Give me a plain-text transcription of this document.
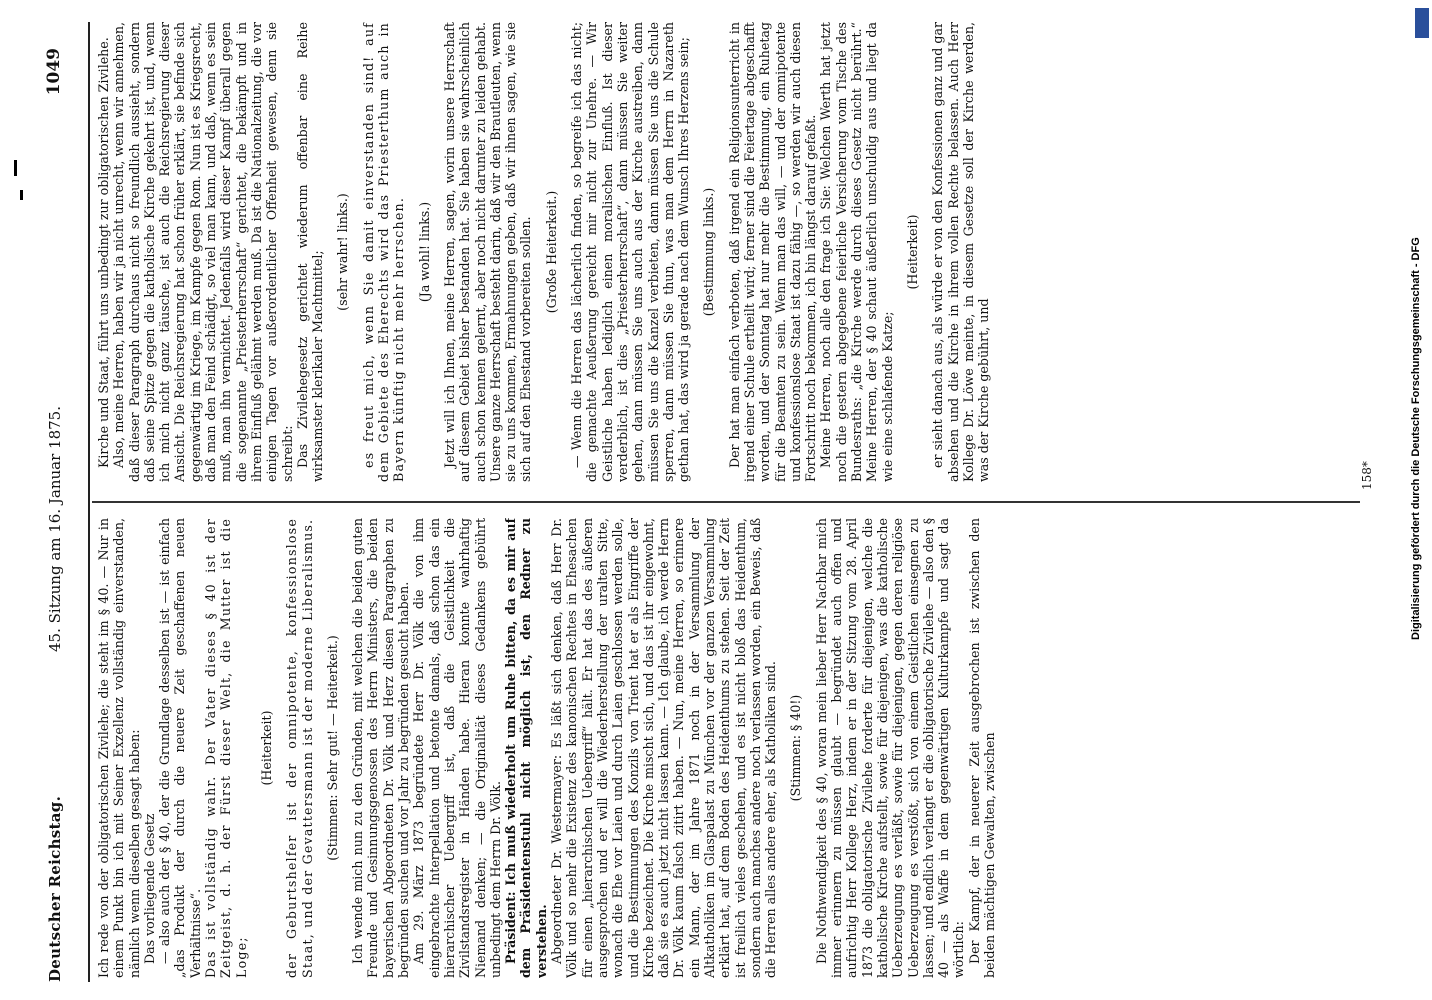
Deutscher Reichstag.
45. Sitzung am 16. Januar 1875.
1049

Ich rede von der obligatorischen Zivilehe; die steht im § 40. — Nur in einem Punkt bin ich mit Seiner Exzellenz vollständig einverstanden, nämlich wenn dieselben gesagt haben: Das vorliegende Gesetz — also auch der § 40, der die Grundlage desselben ist — ist einfach „das Produkt der durch die neuere Zeit geschaffenen neuen Verhältnisse“. Das ist vollständig wahr. Der Vater dieses § 40 ist der Zeitgeist, d. h. der Fürst dieser Welt, die Mutter ist die Loge;

(Heiterkeit) der Geburtshelfer ist der omnipotente, konfessionslose Staat, und der Gevattersmann ist der moderne Liberalismus. (Stimmen: Sehr gut! — Heiterkeit.) Ich wende mich nun zu den Gründen, mit welchen die beiden guten Freunde und Gesinnungsgenossen des Herrn Ministers, die beiden bayerischen Abgeordneten Dr. Völk und Herz diesen Paragraphen zu begründen suchen und vor Jahr zu begründen gesucht haben. Am 29. März 1873 begründete Herr Dr. Völk die von ihm eingebrachte Interpellation und betonte damals, daß schon das ein hierarchischer Uebergriff ist, daß die Geistlichkeit die Zivilstandsregister in Händen habe. Hieran konnte wahrhaftig Niemand denken; — die Originalität dieses Gedankens gebührt unbedingt dem Herrn Dr. Völk. Präsident: Ich muß wiederholt um Ruhe bitten, da es mir auf dem Präsidentenstuhl nicht möglich ist, den Redner zu verstehen. Abgeordneter Dr. Westermayer: Es läßt sich denken, daß Herr Dr. Völk und so mehr die Existenz des kanonischen Rechtes in Ehesachen für einen „hierarchischen Uebergriff“ hält. Er hat das des äußeren ausgesprochen und er will die Wiederherstellung der uralten Sitte, wonach die Ehe vor Laien und durch Laien geschlossen werden solle, und die Bestimmungen des Konzils von Trient hat er als Eingriffe der Kirche bezeichnet. Die Kirche mischt sich, und das ist ihr eingewohnt, daß sie es auch jetzt nicht lassen kann. — Ich glaube, ich werde Herrn Dr. Völk kaum falsch zitirt haben. — Nun, meine Herren, so erinnere ein Mann, der im Jahre 1871 noch in der Versammlung der Altkatholiken im Glaspalast zu München vor der ganzen Versammlung erklärt hat, auf dem Boden des Heidenthums zu stehen. Seit der Zeit ist freilich vieles geschehen, und es ist nicht bloß das Heidenthum, sondern auch manches andere noch verlassen worden, ein Beweis, daß die Herren alles andere eher, als Katholiken sind. (Stimmen: § 40!) Die Nothwendigkeit des § 40, woran mein lieber Herr Nachbar mich immer erinnern zu müssen glaubt — begründet auch offen und aufrichtig Herr Kollege Herz, indem er in der Sitzung vom 28. April 1873 die obligatorische Zivilehe forderte für diejenigen, welche die katholische Kirche aufstellt, sowie für diejenigen, was die katholische Ueberzeugung es verläßt, sowie für diejenigen, gegen deren religiöse Ueberzeugung es verstößt, sich von einem Geistlichen einsegnen zu lassen; und endlich verlangt er die obligatorische Zivilehe — also den § 40 — als Waffe in dem gegenwärtigen Kulturkampfe und sagt da wörtlich: Der Kampf, der in neuerer Zeit ausgebrochen ist zwischen den beiden mächtigen Gewalten, zwischen

Kirche und Staat, führt uns unbedingt zur obligatorischen Zivilehe. Also, meine Herren, haben wir ja nicht unrecht, wenn wir annehmen, daß dieser Paragraph durchaus nicht so freundlich aussieht, sondern daß seine Spitze gegen die katholische Kirche gekehrt ist, und, wenn ich mich nicht ganz täusche, ist auch die Reichsregierung dieser Ansicht. Die Reichsregierung hat schon früher erklärt, sie befinde sich gegenwärtig im Kriege, im Kampfe gegen Rom. Nun ist es Kriegsrecht, daß man den Feind schädigt, so viel man kann, und daß, wenn es sein muß, man ihn vernichtet. Jedenfalls wird dieser Kampf überall gegen die sogenannte „Priesterherrschaft“ gerichtet, die bekämpft und in ihrem Einfluß gelähmt werden muß. Da ist die Nationalzeitung, die vor einigen Tagen vor außerordentlicher Offenheit gewesen, denn sie schreibt: Das Zivilehegesetz gerichtet wiederum offenbar eine Reihe wirksamster klerikaler Machtmittel; (sehr wahr! links.) es freut mich, wenn Sie damit einverstanden sind! auf dem Gebiete des Eherechts wird das Priesterthum auch in Bayern künftig nicht mehr herrschen. (Ja wohl! links.) Jetzt will ich Ihnen, meine Herren, sagen, worin unsere Herrschaft auf diesem Gebiet bisher bestanden hat. Sie haben sie wahrscheinlich auch schon kennen gelernt, aber noch nicht darunter zu leiden gehabt. Unsere ganze Herrschaft besteht darin, daß wir den Brautleuten, wenn sie zu uns kommen, Ermahnungen geben, daß wir ihnen sagen, wie sie sich auf den Ehestand vorbereiten sollen. (Große Heiterkeit.) — Wenn die Herren das lächerlich finden, so begreife ich das nicht; die gemachte Aeußerung gereicht mir nicht zur Unehre. — Wir Geistliche haben lediglich einen moralischen Einfluß. Ist dieser verderblich, ist dies „Priesterherrschaft“, dann müssen Sie weiter gehen, dann müssen Sie uns auch aus der Kirche austreiben, dann müssen Sie uns die Kanzel verbieten, dann müssen Sie uns die Schule sperren, dann müssen Sie thun, was man dem Herrn in Nazareth gethan hat, das wird ja gerade nach dem Wunsch Ihres Herzens sein; (Bestimmung links.) Der hat man einfach verboten, daß irgend ein Religionsunterricht in irgend einer Schule ertheilt wird; ferner sind die Feiertage abgeschafft worden, und der Sonntag hat nur mehr die Bestimmung, ein Ruhetag für die Beamten zu sein. Wenn man das will, — und der omnipotente und konfessionslose Staat ist dazu fähig —, so werden wir auch diesen Fortschritt noch bekommen, ich bin längst darauf gefaßt. Meine Herren, noch alle den frage ich Sie: Welchen Werth hat jetzt noch die gestern abgegebene feierliche Versicherung vom Tische des Bundesraths: „die Kirche werde durch dieses Gesetz nicht berührt.“ Meine Herren, der § 40 schaut äußerlich unschuldig aus und liegt da wie eine schlafende Katze;

(Heiterkeit) er sieht danach aus, als würde er von den Konfessionen ganz und gar absehen und die Kirche in ihrem vollen Rechte belassen. Auch Herr Kollege Dr. Löwe meinte, in diesem Gesetze soll der Kirche werden, was der Kirche gebührt, und	158*	Digitalisierung gefördert durch die Deutsche Forschungsgemeinschaft - DFG
